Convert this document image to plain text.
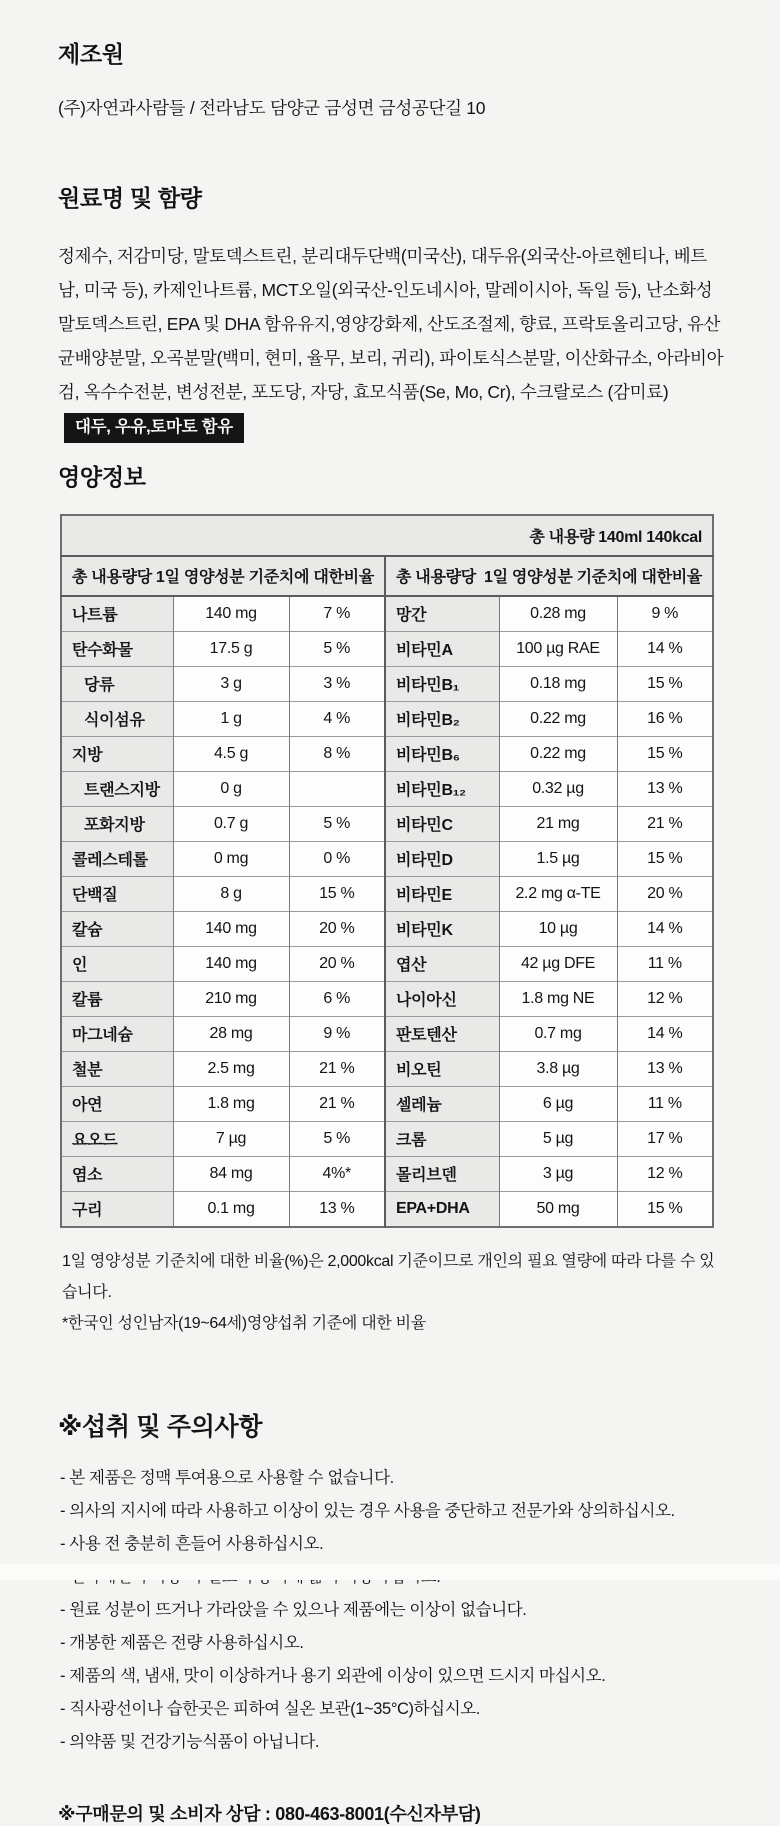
제조원

(주)자연과사람들 / 전라남도 담양군 금성면 금성공단길 10

원료명 및 함량

정제수, 저감미당, 말토덱스트린, 분리대두단백(미국산), 대두유(외국산-아르헨티나, 베트남, 미국 등), 카제인나트륨, MCT오일(외국산-인도네시아, 말레이시아, 독일 등), 난소화성말토덱스트린, EPA 및 DHA 함유유지,영양강화제, 산도조절제, 향료, 프락토올리고당, 유산균배양분말, 오곡분말(백미, 현미, 율무, 보리, 귀리), 파이토식스분말, 이산화규소, 아라비아검, 옥수수전분, 변성전분, 포도당, 자당, 효모식품(Se, Mo, Cr), 수크랄로스 (감미료)대두, 우유,토마토 함유

영양정보
총 내용량 140ml 140kcal					

총 내용량당 1일 영양성분 기준치에 대한비율			총 내용량당 1일 영양성분 기준치에 대한비율		

나트륨	140 mg	7 %	망간	0.28 mg	9 %
탄수화물	17.5 g	5 %	비타민A	100 µg RAE	14 %
당류	3 g	3 %	비타민B₁	0.18 mg	15 %
식이섬유	1 g	4 %	비타민B₂	0.22 mg	16 %
지방	4.5 g	8 %	비타민B₆	0.22 mg	15 %
트랜스지방	0 g		비타민B₁₂	0.32 µg	13 %
포화지방	0.7 g	5 %	비타민C	21 mg	21 %
콜레스테롤	0 mg	0 %	비타민D	1.5 µg	15 %
단백질	8 g	15 %	비타민E	2.2 mg α-TE	20 %
칼슘	140 mg	20 %	비타민K	10 µg	14 %
인	140 mg	20 %	엽산	42 µg DFE	11 %
칼륨	210 mg	6 %	나이아신	1.8 mg NE	12 %
마그네슘	28 mg	9 %	판토텐산	0.7 mg	14 %
철분	2.5 mg	21 %	비오틴	3.8 µg	13 %
아연	1.8 mg	21 %	셀레늄	6 µg	11 %
요오드	7 µg	5 %	크롬	5 µg	17 %
염소	84 mg	4%*	몰리브덴	3 µg	12 %
구리	0.1 mg	13 %	EPA+DHA	50 mg	15 %

1일 영양성분 기준치에 대한 비율(%)은 2,000kcal 기준이므로 개인의 필요 열량에 따라 다를 수 있습니다.

*한국인 성인남자(19~64세)영양섭취 기준에 대한 비율

※섭취 및 주의사항

- 본 제품은 정맥 투여용으로 사용할 수 없습니다.

- 의사의 지시에 따라 사용하고 이상이 있는 경우 사용을 중단하고 전문가와 상의하십시오.

- 사용 전 충분히 흔들어 사용하십시오.

- 원료 성분이 뜨거나 가라앉을 수 있으나 제품에는 이상이 없습니다.

- 개봉한 제품은 전량 사용하십시오.

- 제품의 색, 냄새, 맛이 이상하거나 용기 외관에 이상이 있으면 드시지 마십시오.

- 직사광선이나 습한곳은 피하여 실온 보관(1~35°C)하십시오.

- 의약품 및 건강기능식품이 아닙니다.

※구매문의 및 소비자 상담 : 080-463-8001(수신자부담)
